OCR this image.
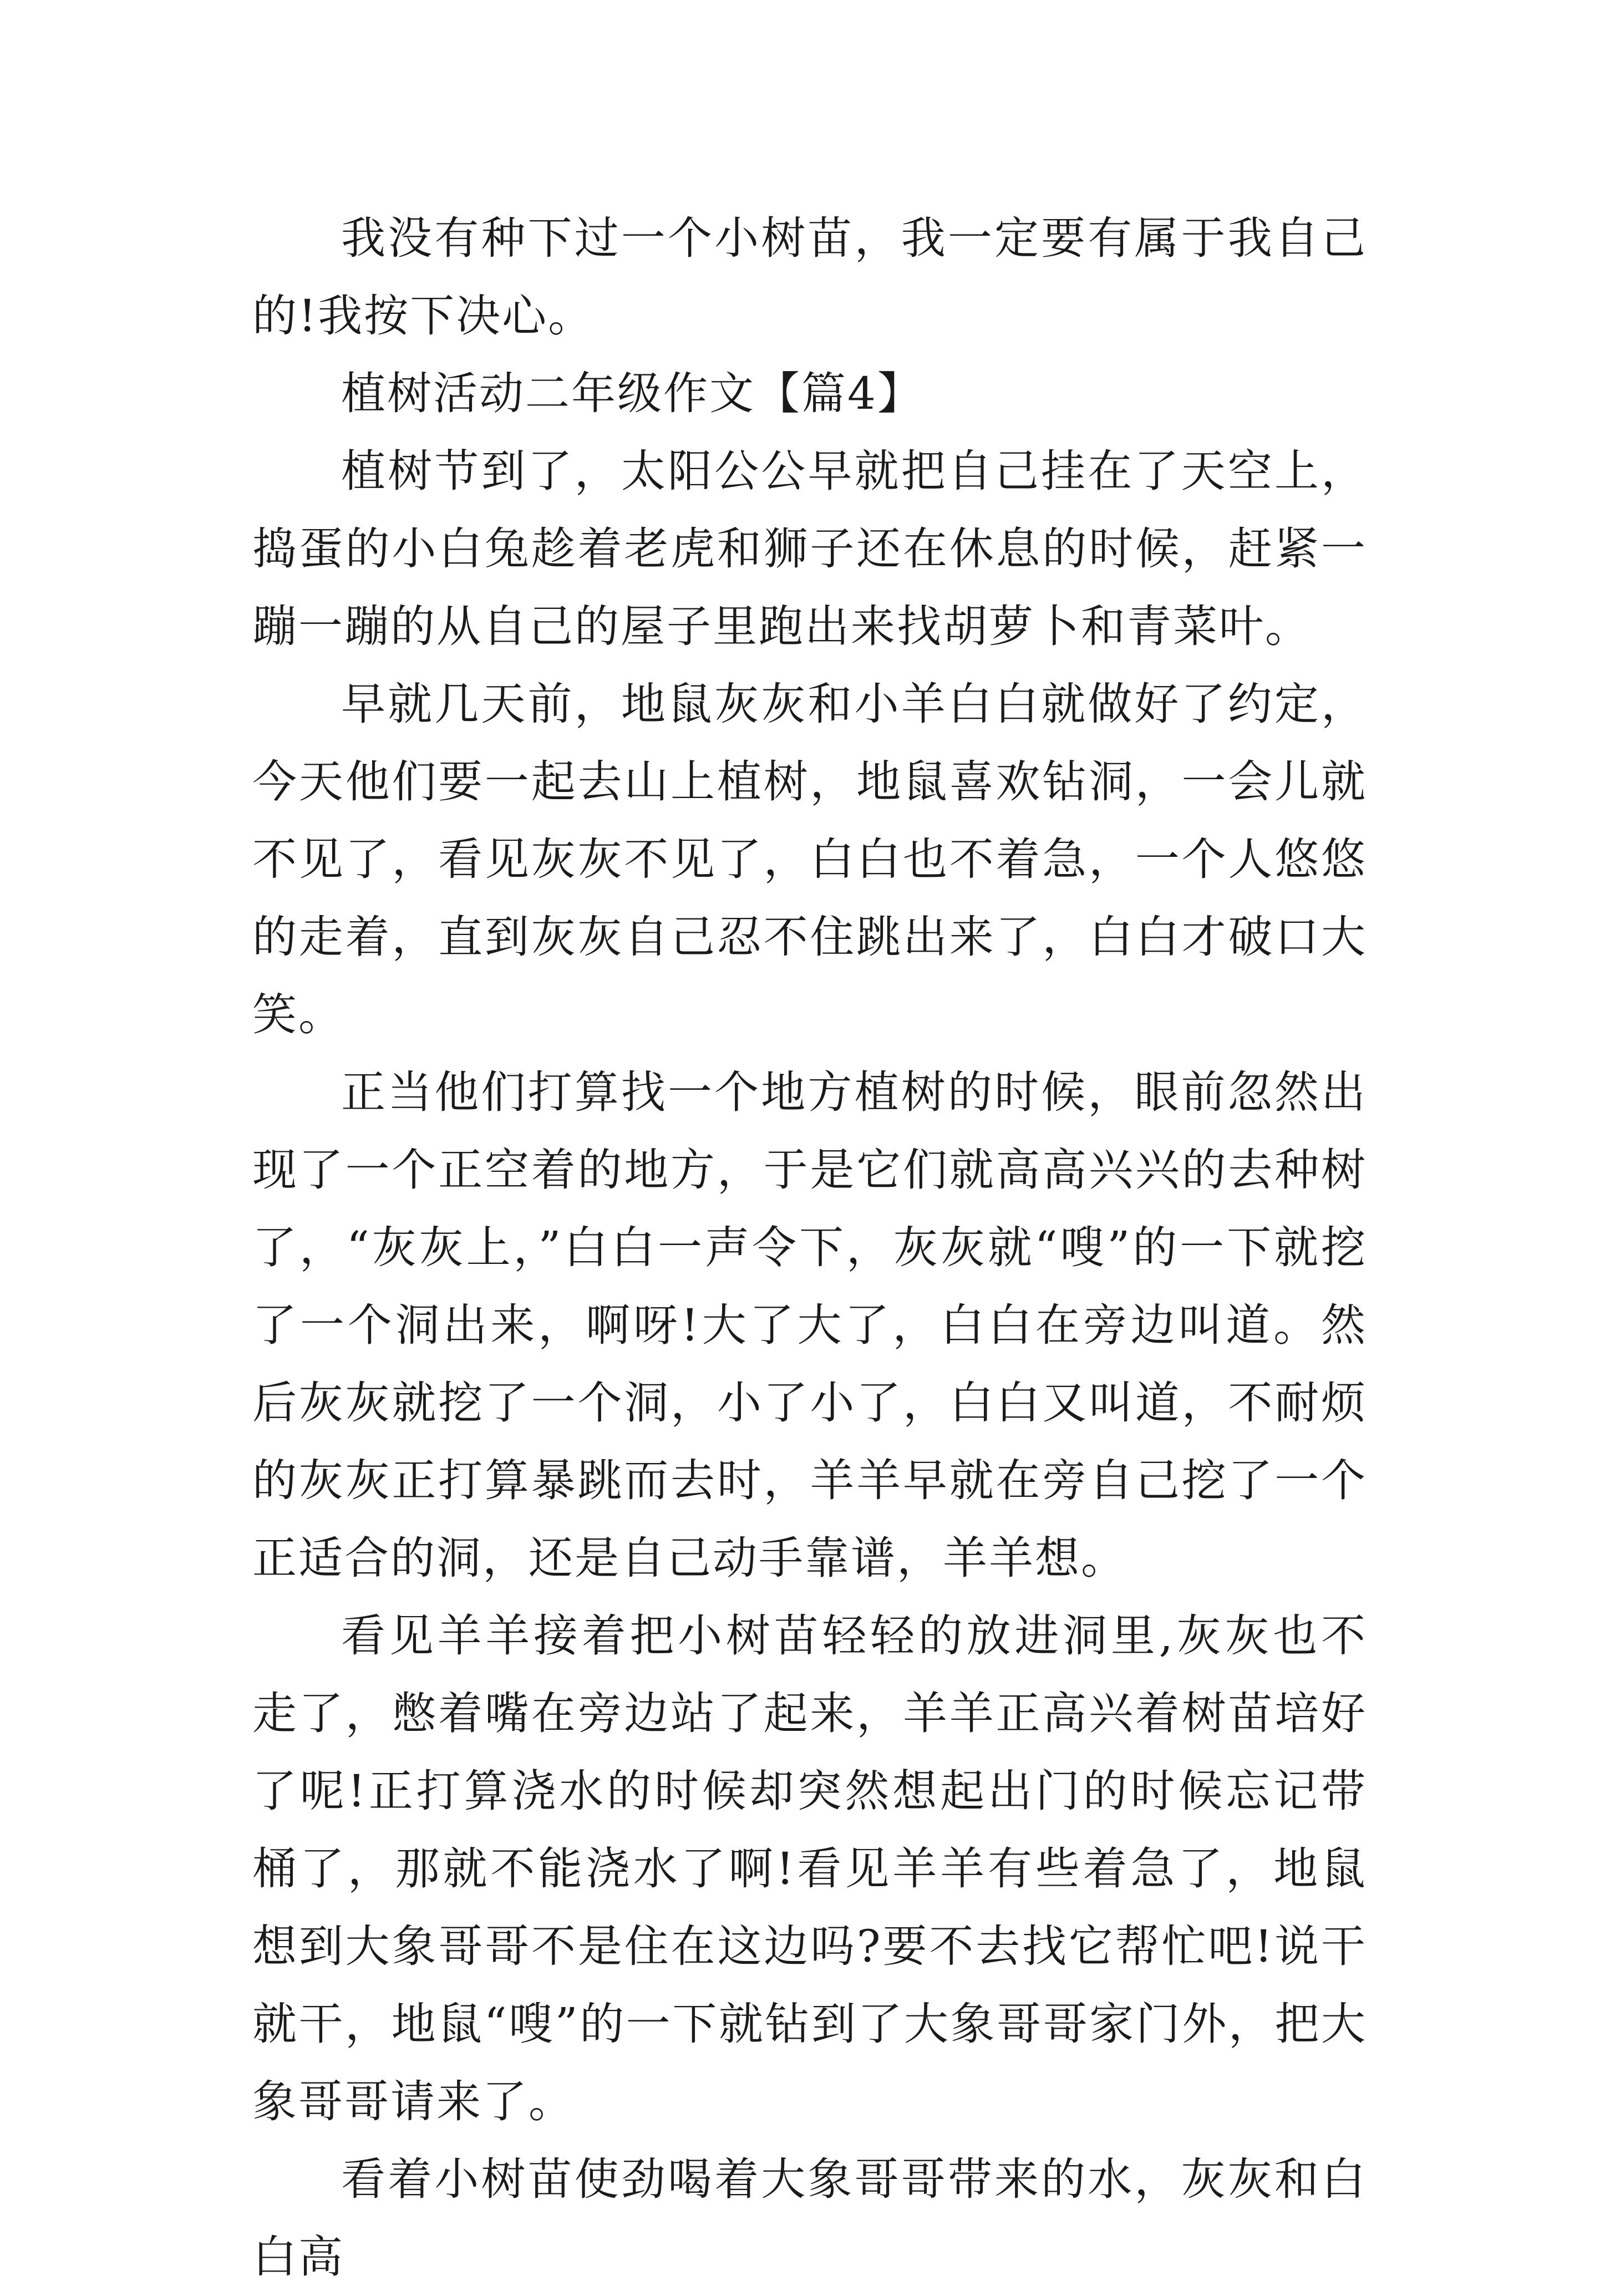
我没有种下过一个小树苗，我一定要有属于我自己的!我按下决心。

植树活动二年级作文【篇4】

植树节到了，太阳公公早就把自己挂在了天空上，捣蛋的小白兔趁着老虎和狮子还在休息的时候，赶紧一蹦一蹦的从自己的屋子里跑出来找胡萝卜和青菜叶。

早就几天前，地鼠灰灰和小羊白白就做好了约定，今天他们要一起去山上植树，地鼠喜欢钻洞，一会儿就不见了，看见灰灰不见了，白白也不着急，一个人悠悠的走着，直到灰灰自己忍不住跳出来了，白白才破口大笑。

正当他们打算找一个地方植树的时候，眼前忽然出现了一个正空着的地方，于是它们就高高兴兴的去种树了，“灰灰上，”白白一声令下，灰灰就“嗖”的一下就挖了一个洞出来，啊呀!大了大了，白白在旁边叫道。然后灰灰就挖了一个洞，小了小了，白白又叫道，不耐烦的灰灰正打算暴跳而去时，羊羊早就在旁自己挖了一个正适合的洞，还是自己动手靠谱，羊羊想。

看见羊羊接着把小树苗轻轻的放进洞里,灰灰也不走了，憋着嘴在旁边站了起来，羊羊正高兴着树苗培好了呢!正打算浇水的时候却突然想起出门的时候忘记带桶了，那就不能浇水了啊!看见羊羊有些着急了，地鼠想到大象哥哥不是住在这边吗?要不去找它帮忙吧!说干就干，地鼠“嗖”的一下就钻到了大象哥哥家门外，把大象哥哥请来了。

看着小树苗使劲喝着大象哥哥带来的水，灰灰和白白高
